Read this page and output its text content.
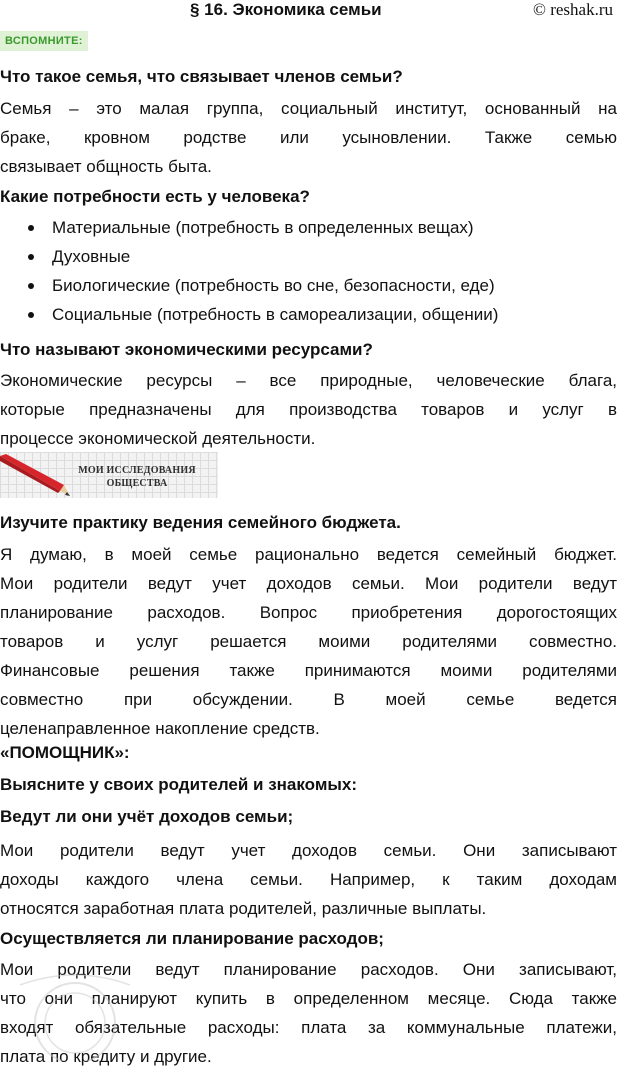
§ 16. Экономика семьи	© reshak.ru
ВСПОМНИТЕ:
Что такое семья, что связывает членов семьи?

Семья – это малая группа, социальный институт, основанный на

браке, кровном родстве или усыновлении. Также семью

связывает общность быта.

Какие потребности есть у человека?
Материальные (потребность в определенных вещах)
Духовные
Биологические (потребность во сне, безопасности, еде)
Социальные (потребность в самореализации, общении)
Что называют экономическими ресурсами?

Экономические ресурсы – все природные, человеческие блага,

которые предназначены для производства товаров и услуг в

процессе экономической деятельности.

МОИ ИССЛЕДОВАНИЯ
ОБЩЕСТВА
Изучите практику ведения семейного бюджета.

Я думаю, в моей семье рационально ведется семейный бюджет.

Мои родители ведут учет доходов семьи. Мои родители ведут

планирование расходов. Вопрос приобретения дорогостоящих

товаров и услуг решается моими родителями совместно.

Финансовые решения также принимаются моими родителями

совместно при обсуждении. В моей семье ведется

целенаправленное накопление средств.

«ПОМОЩНИК»:
Выясните у своих родителей и знакомых:
Ведут ли они учёт доходов семьи;

Мои родители ведут учет доходов семьи. Они записывают

доходы каждого члена семьи. Например, к таким доходам

относятся заработная плата родителей, различные выплаты.

Осуществляется ли планирование расходов;

Мои родители ведут планирование расходов. Они записывают,

что они планируют купить в определенном месяце. Сюда также

входят обязательные расходы: плата за коммунальные платежи,

плата по кредиту и другие.
